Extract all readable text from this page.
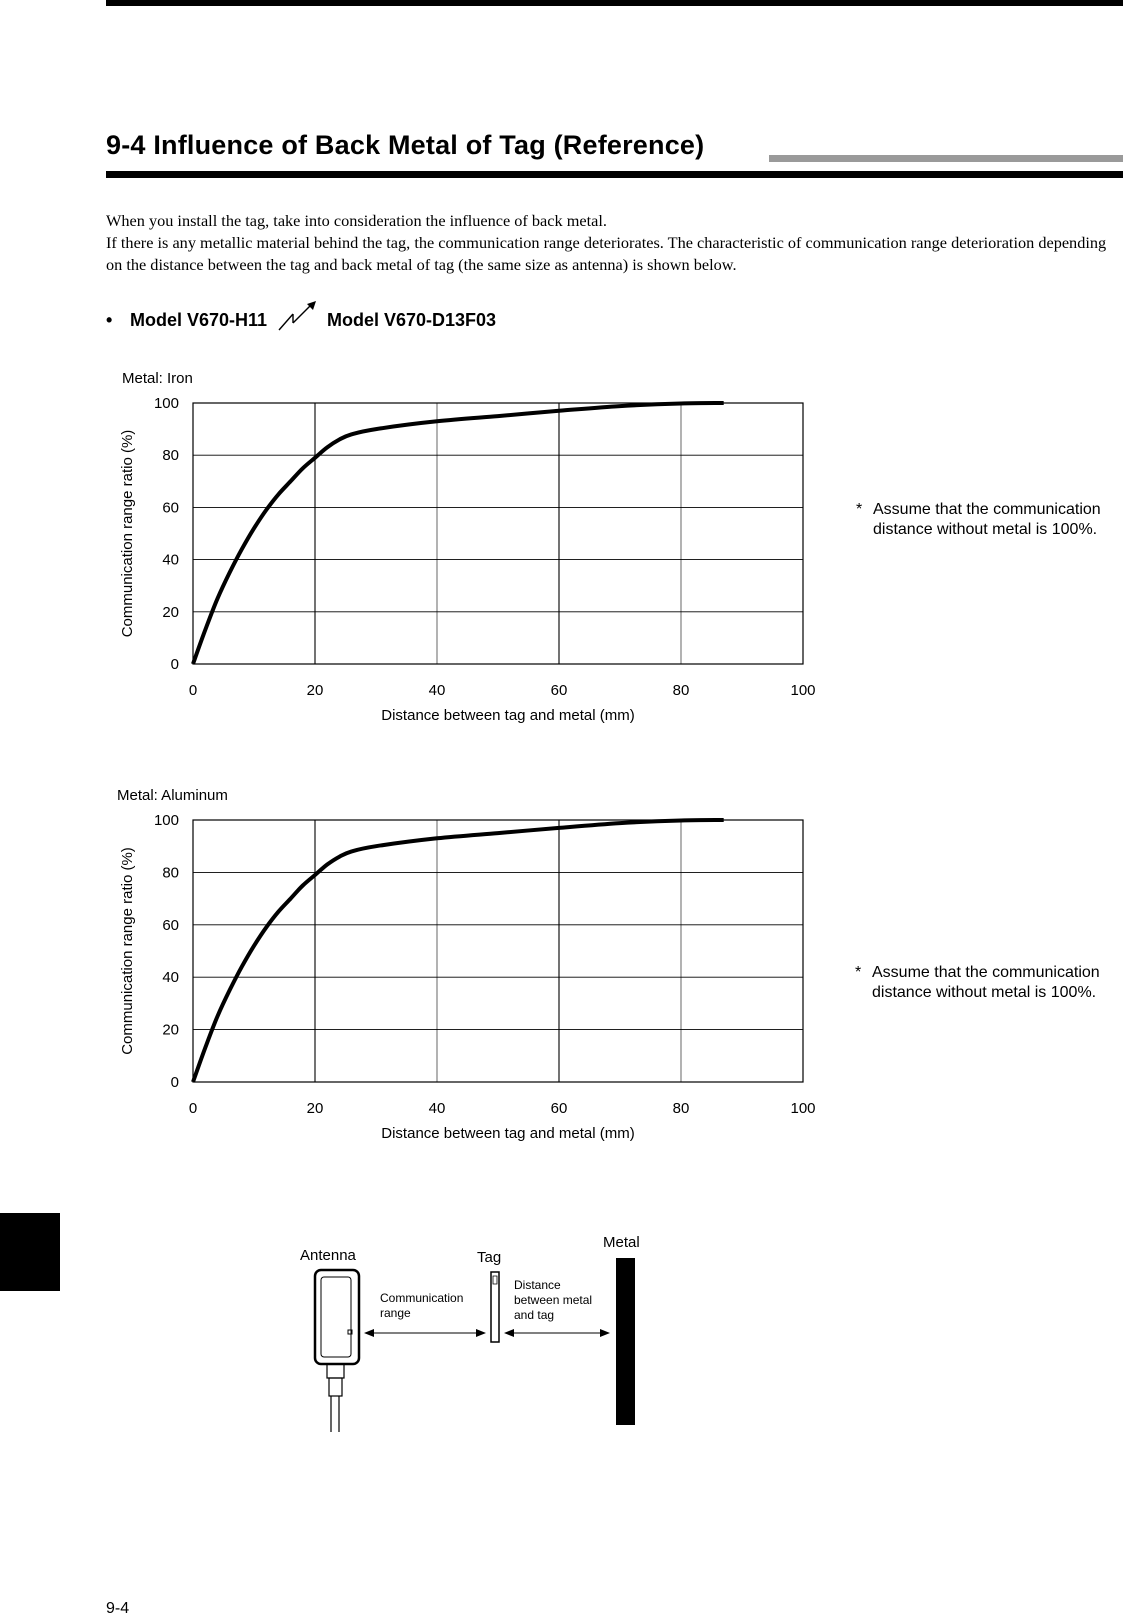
9-4 Influence of Back Metal of Tag (Reference)

When you install the tag, take into consideration the influence of back metal.

If there is any metallic material behind the tag, the communication range deteriorates. The characteristic of communication range deterioration depending on the distance between the tag and back metal of tag (the same size as antenna) is shown below.

• Model V670-H11	Model V670-D13F03
Metal: Iron
0
20
40
60
80
100
0	20	40	60	80	100
Communication range ratio (%)
Distance between tag and metal (mm)
* Assume that the communication distance without metal is 100%.
Metal: Aluminum
0
20
40
60
80
100
0	20	40	60	80	100
Communication range ratio (%)
Distance between tag and metal (mm)
* Assume that the communication distance without metal is 100%.
Antenna	Tag
Metal
Communication
range
Distance
between metal
and tag

9-4
